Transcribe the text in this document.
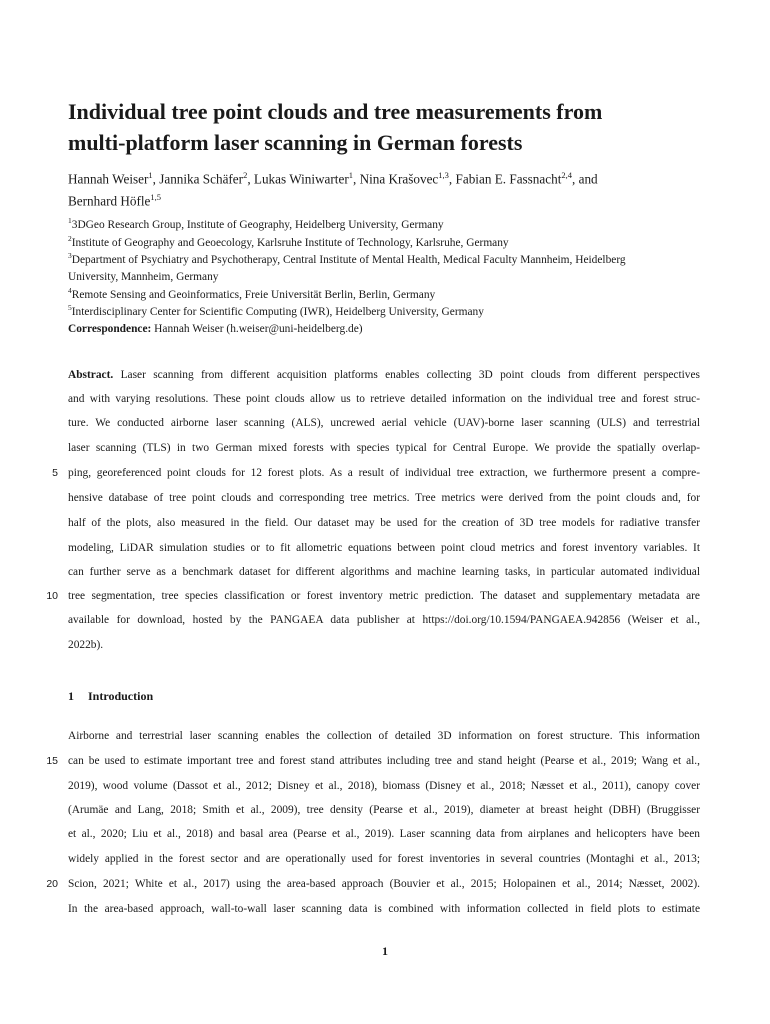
Individual tree point clouds and tree measurements from
multi-platform laser scanning in German forests
Hannah Weiser$^1$, Jannika Schäfer$^2$, Lukas Winiwarter$^1$, Nina Krašovec$^{1,3}$, Fabian E. Fassnacht$^{2,4}$, and
Bernhard Höfle$^{1,5}$
$^1$3DGeo Research Group, Institute of Geography, Heidelberg University, Germany
$^2$Institute of Geography and Geoecology, Karlsruhe Institute of Technology, Karlsruhe, Germany
$^3$Department of Psychiatry and Psychotherapy, Central Institute of Mental Health, Medical Faculty Mannheim, Heidelberg
University, Mannheim, Germany
$^4$Remote Sensing and Geoinformatics, Freie Universität Berlin, Berlin, Germany
$^5$Interdisciplinary Center for Scientific Computing (IWR), Heidelberg University, Germany
Correspondence: Hannah Weiser (h.weiser@uni-heidelberg.de)
Abstract. Laser scanning from different acquisition platforms enables collecting 3D point clouds from different perspectives
and with varying resolutions. These point clouds allow us to retrieve detailed information on the individual tree and forest struc-
ture. We conducted airborne laser scanning (ALS), uncrewed aerial vehicle (UAV)-borne laser scanning (ULS) and terrestrial
laser scanning (TLS) in two German mixed forests with species typical for Central Europe. We provide the spatially overlap-
5 ping, georeferenced point clouds for 12 forest plots. As a result of individual tree extraction, we furthermore present a compre-
hensive database of tree point clouds and corresponding tree metrics. Tree metrics were derived from the point clouds and, for
half of the plots, also measured in the field. Our dataset may be used for the creation of 3D tree models for radiative transfer
modeling, LiDAR simulation studies or to fit allometric equations between point cloud metrics and forest inventory variables. It
can further serve as a benchmark dataset for different algorithms and machine learning tasks, in particular automated individual
10 tree segmentation, tree species classification or forest inventory metric prediction. The dataset and supplementary metadata are
available for download, hosted by the PANGAEA data publisher at https://doi.org/10.1594/PANGAEA.942856 (Weiser et al.,
2022b).
1 Introduction
Airborne and terrestrial laser scanning enables the collection of detailed 3D information on forest structure. This information
15 can be used to estimate important tree and forest stand attributes including tree and stand height (Pearse et al., 2019; Wang et al.,
2019), wood volume (Dassot et al., 2012; Disney et al., 2018), biomass (Disney et al., 2018; Næsset et al., 2011), canopy cover
(Arumäe and Lang, 2018; Smith et al., 2009), tree density (Pearse et al., 2019), diameter at breast height (DBH) (Bruggisser
et al., 2020; Liu et al., 2018) and basal area (Pearse et al., 2019). Laser scanning data from airplanes and helicopters have been
widely applied in the forest sector and are operationally used for forest inventories in several countries (Montaghi et al., 2013;
20 Scion, 2021; White et al., 2017) using the area-based approach (Bouvier et al., 2015; Holopainen et al., 2014; Næsset, 2002).
In the area-based approach, wall-to-wall laser scanning data is combined with information collected in field plots to estimate
1
